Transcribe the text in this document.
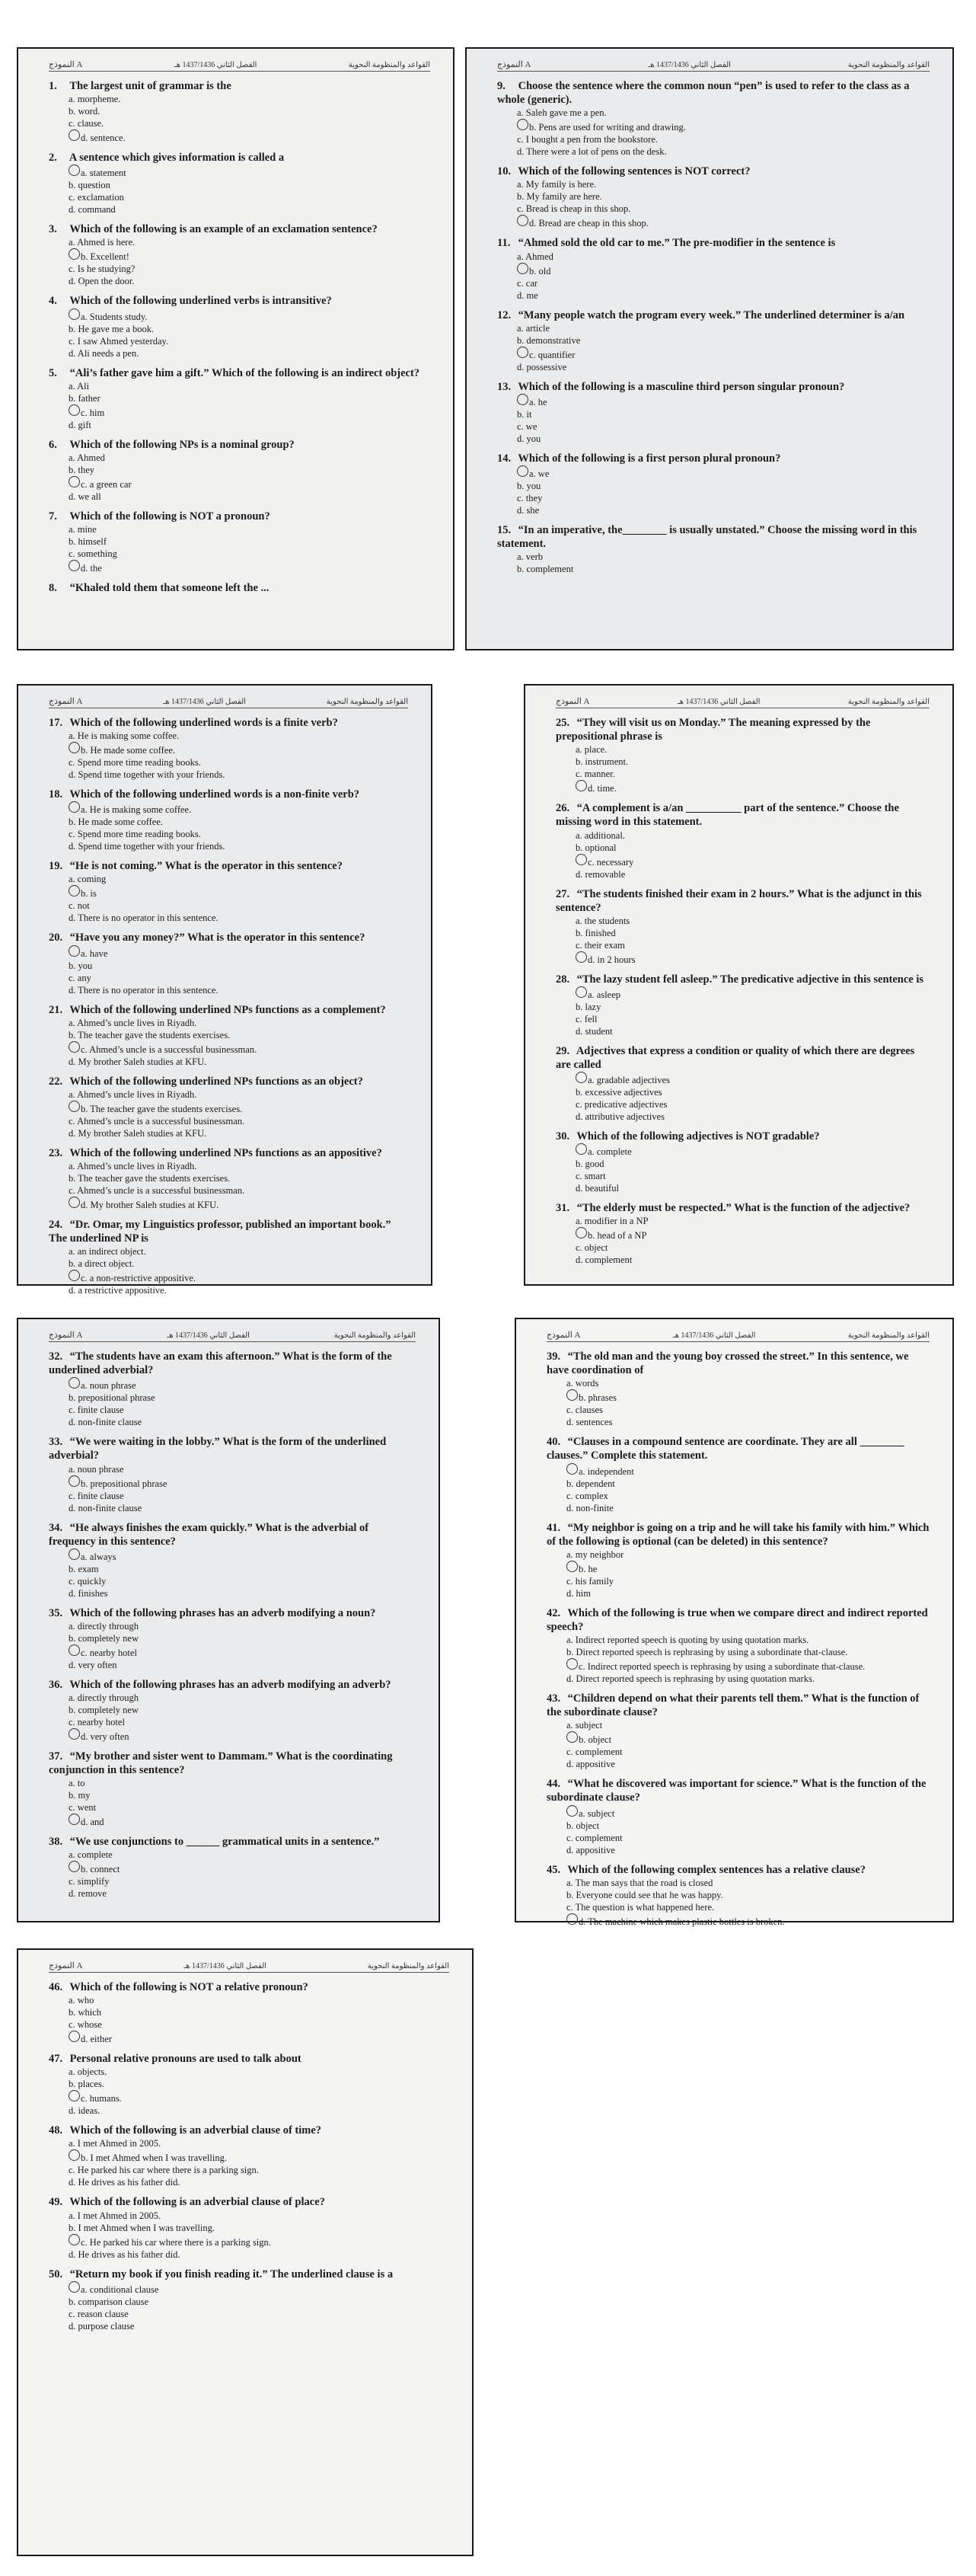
النموذج A	الفصل الثاني 1437/1436 هـ	القواعد والمنظومة النحوية
1. The largest unit of grammar is the
a. morpheme.
b. word.
c. clause.
d. sentence.
2. A sentence which gives information is called a
a. statement
b. question
c. exclamation
d. command
3. Which of the following is an example of an exclamation sentence?
a. Ahmed is here.
b. Excellent!
c. Is he studying?
d. Open the door.
4. Which of the following underlined verbs is intransitive?
a. Students study.
b. He gave me a book.
c. I saw Ahmed yesterday.
d. Ali needs a pen.
5. “Ali’s father gave him a gift.” Which of the following is an indirect object?
a. Ali
b. father
c. him
d. gift
6. Which of the following NPs is a nominal group?
a. Ahmed
b. they
c. a green car
d. we all
7. Which of the following is NOT a pronoun?
a. mine
b. himself
c. something
d. the
8. “Khaled told them that someone left the ...
النموذج A	الفصل الثاني 1437/1436 هـ	القواعد والمنظومة النحوية
9. Choose the sentence where the common noun “pen” is used to refer to the class as a whole (generic).
a. Saleh gave me a pen.
b. Pens are used for writing and drawing.
c. I bought a pen from the bookstore.
d. There were a lot of pens on the desk.
10. Which of the following sentences is NOT correct?
a. My family is here.
b. My family are here.
c. Bread is cheap in this shop.
d. Bread are cheap in this shop.
11. “Ahmed sold the old car to me.” The pre-modifier in the sentence is
a. Ahmed
b. old
c. car
d. me
12. “Many people watch the program every week.” The underlined determiner is a/an
a. article
b. demonstrative
c. quantifier
d. possessive
13. Which of the following is a masculine third person singular pronoun?
a. he
b. it
c. we
d. you
14. Which of the following is a first person plural pronoun?
a. we
b. you
c. they
d. she
15. “In an imperative, the________ is usually unstated.” Choose the missing word in this statement.
a. verb
b. complement
النموذج A	الفصل الثاني 1437/1436 هـ	القواعد والمنظومة النحوية
17. Which of the following underlined words is a finite verb?
a. He is making some coffee.
b. He made some coffee.
c. Spend more time reading books.
d. Spend time together with your friends.
18. Which of the following underlined words is a non-finite verb?
a. He is making some coffee.
b. He made some coffee.
c. Spend more time reading books.
d. Spend time together with your friends.
19. “He is not coming.” What is the operator in this sentence?
a. coming
b. is
c. not
d. There is no operator in this sentence.
20. “Have you any money?” What is the operator in this sentence?
a. have
b. you
c. any
d. There is no operator in this sentence.
21. Which of the following underlined NPs functions as a complement?
a. Ahmed’s uncle lives in Riyadh.
b. The teacher gave the students exercises.
c. Ahmed’s uncle is a successful businessman.
d. My brother Saleh studies at KFU.
22. Which of the following underlined NPs functions as an object?
a. Ahmed’s uncle lives in Riyadh.
b. The teacher gave the students exercises.
c. Ahmed’s uncle is a successful businessman.
d. My brother Saleh studies at KFU.
23. Which of the following underlined NPs functions as an appositive?
a. Ahmed’s uncle lives in Riyadh.
b. The teacher gave the students exercises.
c. Ahmed’s uncle is a successful businessman.
d. My brother Saleh studies at KFU.
24. “Dr. Omar, my Linguistics professor, published an important book.” The underlined NP is
a. an indirect object.
b. a direct object.
c. a non-restrictive appositive.
d. a restrictive appositive.
النموذج A	الفصل الثاني 1437/1436 هـ	القواعد والمنظومة النحوية
25. “They will visit us on Monday.” The meaning expressed by the prepositional phrase is
a. place.
b. instrument.
c. manner.
d. time.
26. “A complement is a/an __________ part of the sentence.” Choose the missing word in this statement.
a. additional.
b. optional
c. necessary
d. removable
27. “The students finished their exam in 2 hours.” What is the adjunct in this sentence?
a. the students
b. finished
c. their exam
d. in 2 hours
28. “The lazy student fell asleep.” The predicative adjective in this sentence is
a. asleep
b. lazy
c. fell
d. student
29. Adjectives that express a condition or quality of which there are degrees are called
a. gradable adjectives
b. excessive adjectives
c. predicative adjectives
d. attributive adjectives
30. Which of the following adjectives is NOT gradable?
a. complete
b. good
c. smart
d. beautiful
31. “The elderly must be respected.” What is the function of the adjective?
a. modifier in a NP
b. head of a NP
c. object
d. complement
النموذج A	الفصل الثاني 1437/1436 هـ	القواعد والمنظومة النحوية
32. “The students have an exam this afternoon.” What is the form of the underlined adverbial?
a. noun phrase
b. prepositional phrase
c. finite clause
d. non-finite clause
33. “We were waiting in the lobby.” What is the form of the underlined adverbial?
a. noun phrase
b. prepositional phrase
c. finite clause
d. non-finite clause
34. “He always finishes the exam quickly.” What is the adverbial of frequency in this sentence?
a. always
b. exam
c. quickly
d. finishes
35. Which of the following phrases has an adverb modifying a noun?
a. directly through
b. completely new
c. nearby hotel
d. very often
36. Which of the following phrases has an adverb modifying an adverb?
a. directly through
b. completely new
c. nearby hotel
d. very often
37. “My brother and sister went to Dammam.” What is the coordinating conjunction in this sentence?
a. to
b. my
c. went
d. and
38. “We use conjunctions to ______ grammatical units in a sentence.”
a. complete
b. connect
c. simplify
d. remove
النموذج A	الفصل الثاني 1437/1436 هـ	القواعد والمنظومة النحوية
39. “The old man and the young boy crossed the street.” In this sentence, we have coordination of
a. words
b. phrases
c. clauses
d. sentences
40. “Clauses in a compound sentence are coordinate. They are all ________ clauses.” Complete this statement.
a. independent
b. dependent
c. complex
d. non-finite
41. “My neighbor is going on a trip and he will take his family with him.” Which of the following is optional (can be deleted) in this sentence?
a. my neighbor
b. he
c. his family
d. him
42. Which of the following is true when we compare direct and indirect reported speech?
a. Indirect reported speech is quoting by using quotation marks.
b. Direct reported speech is rephrasing by using a subordinate that-clause.
c. Indirect reported speech is rephrasing by using a subordinate that-clause.
d. Direct reported speech is rephrasing by using quotation marks.
43. “Children depend on what their parents tell them.” What is the function of the subordinate clause?
a. subject
b. object
c. complement
d. appositive
44. “What he discovered was important for science.” What is the function of the subordinate clause?
a. subject
b. object
c. complement
d. appositive
45. Which of the following complex sentences has a relative clause?
a. The man says that the road is closed
b. Everyone could see that he was happy.
c. The question is what happened here.
d. The machine which makes plastic bottles is broken.
النموذج A	الفصل الثاني 1437/1436 هـ	القواعد والمنظومة النحوية
46. Which of the following is NOT a relative pronoun?
a. who
b. which
c. whose
d. either
47. Personal relative pronouns are used to talk about
a. objects.
b. places.
c. humans.
d. ideas.
48. Which of the following is an adverbial clause of time?
a. I met Ahmed in 2005.
b. I met Ahmed when I was travelling.
c. He parked his car where there is a parking sign.
d. He drives as his father did.
49. Which of the following is an adverbial clause of place?
a. I met Ahmed in 2005.
b. I met Ahmed when I was travelling.
c. He parked his car where there is a parking sign.
d. He drives as his father did.
50. “Return my book if you finish reading it.” The underlined clause is a
a. conditional clause
b. comparison clause
c. reason clause
d. purpose clause
